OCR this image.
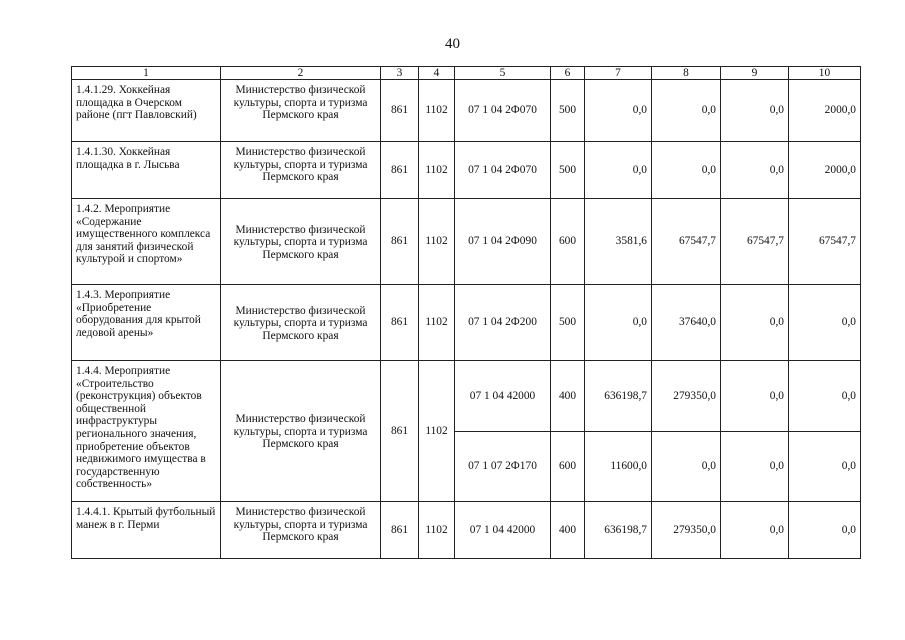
40
1	2	3	4	5	6	7	8	9	10
1.4.1.29. Хоккейная площадка в Очерском районе (пгт Павловский)	Министерство физической культуры, спорта и туризма Пермского края	861	1102	07 1 04 2Ф070	500	0,0	0,0	0,0	2000,0
1.4.1.30. Хоккейная площадка в г. Лысьва	Министерство физической культуры, спорта и туризма Пермского края	861	1102	07 1 04 2Ф070	500	0,0	0,0	0,0	2000,0
1.4.2. Мероприятие «Содержание имущественного комплекса для занятий физической культурой и спортом»	Министерство физической культуры, спорта и туризма Пермского края	861	1102	07 1 04 2Ф090	600	3581,6	67547,7	67547,7	67547,7
1.4.3. Мероприятие «Приобретение оборудования для крытой ледовой арены»	Министерство физической культуры, спорта и туризма Пермского края	861	1102	07 1 04 2Ф200	500	0,0	37640,0	0,0	0,0
1.4.4. Мероприятие «Строительство (реконструкция) объектов общественной инфраструктуры регионального значения, приобретение объектов недвижимого имущества в государственную собственность»	Министерство физической культуры, спорта и туризма Пермского края	861	1102	07 1 04 42000	400	636198,7	279350,0	0,0	0,0
				07 1 07 2Ф170	600	11600,0	0,0	0,0	0,0
1.4.4.1. Крытый футбольный манеж в г. Перми	Министерство физической культуры, спорта и туризма Пермского края	861	1102	07 1 04 42000	400	636198,7	279350,0	0,0	0,0
